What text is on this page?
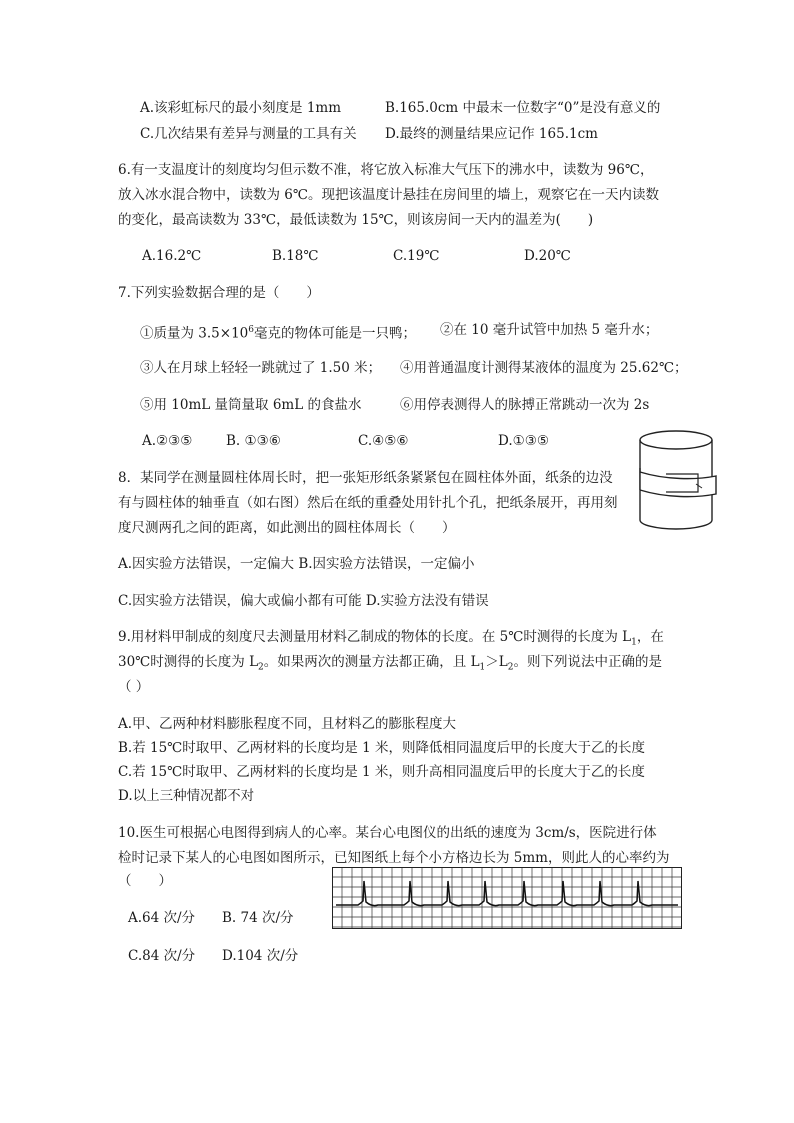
A.该彩虹标尺的最小刻度是 1mm	B.165.0cm 中最末一位数字“0”是没有意义的
C.几次结果有差异与测量的工具有关 D.最终的测量结果应记作 165.1cm
6.有一支温度计的刻度均匀但示数不准，将它放入标准大气压下的沸水中，读数为 96℃，
放入冰水混合物中，读数为 6℃。现把该温度计悬挂在房间里的墙上，观察它在一天内读数
的变化，最高读数为 33℃，最低读数为 15℃，则该房间一天内的温差为(　　)
A.16.2℃	B.18℃	C.19℃	D.20℃
7.下列实验数据合理的是（　　）
①质量为 $3.5\times 10^6$毫克的物体可能是一只鸭； ②在 10 毫升试管中加热 5 毫升水；
③人在月球上轻轻一跳就过了 1.50 米； ④用普通温度计测得某液体的温度为 25.62℃；
⑤用 10mL 量筒量取 6mL 的食盐水	⑥用停表测得人的脉搏正常跳动一次为 2s
A.②③⑤ B. ①③⑥	C.④⑤⑥	D.①③⑤
8．某同学在测量圆柱体周长时，把一张矩形纸条紧紧包在圆柱体外面，纸条的边没
有与圆柱体的轴垂直（如右图）然后在纸的重叠处用针扎个孔，把纸条展开，再用刻
度尺测两孔之间的距离，如此测出的圆柱体周长（　　）
A.因实验方法错误，一定偏大 B.因实验方法错误，一定偏小
C.因实验方法错误，偏大或偏小都有可能 D.实验方法没有错误
9.用材料甲制成的刻度尺去测量用材料乙制成的物体的长度。在 5℃时测得的长度为 $L_1$，在
30℃时测得的长度为 $L_2$。如果两次的测量方法都正确，且 $L_1>L_2$。则下列说法中正确的是
（ ）
A.甲、乙两种材料膨胀程度不同，且材料乙的膨胀程度大
B.若 15℃时取甲、乙两材料的长度均是 1 米，则降低相同温度后甲的长度大于乙的长度
C.若 15℃时取甲、乙两材料的长度均是 1 米，则升高相同温度后甲的长度大于乙的长度
D.以上三种情况都不对
10.医生可根据心电图得到病人的心率。某台心电图仪的出纸的速度为 3cm/s，医院进行体
检时记录下某人的心电图如图所示，已知图纸上每个小方格边长为 5mm，则此人的心率约为
（　　）
A.64 次/分 B. 74 次/分
C.84 次/分 D.104 次/分
